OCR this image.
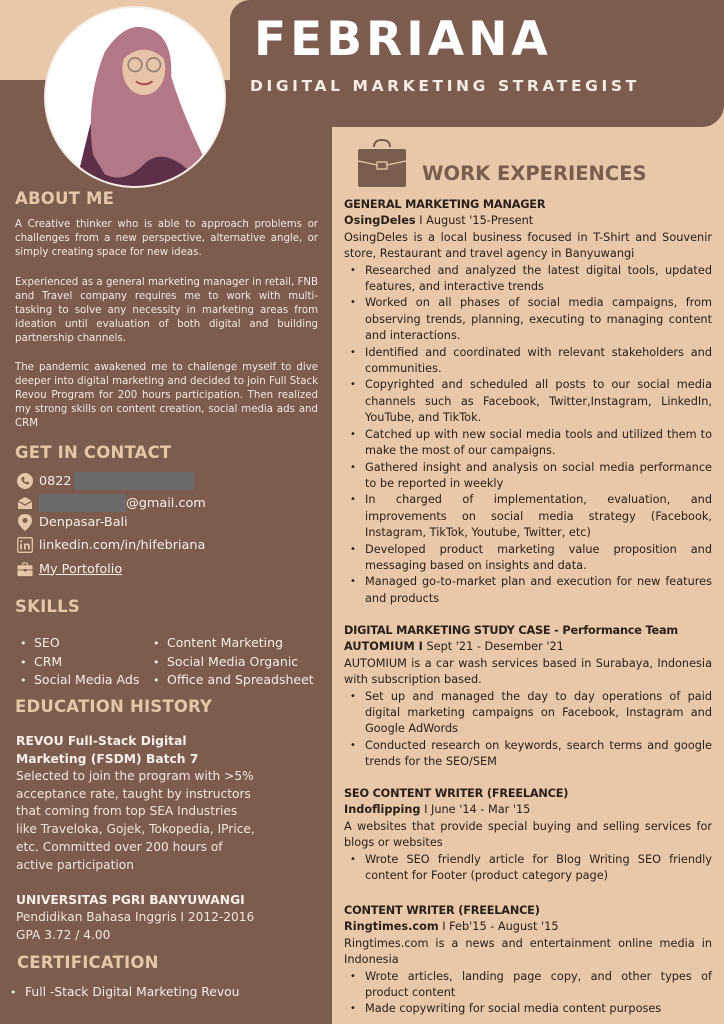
FEBRIANA
DIGITAL MARKETING STRATEGIST
ABOUT ME
A Creative thinker who is able to approach problems or challenges from a new perspective, alternative angle, or simply creating space for new ideas.
Experienced as a general marketing manager in retail, FNB and Travel company requires me to work with multi-tasking to solve any necessity in marketing areas from ideation until evaluation of both digital and building partnership channels.
The pandemic awakened me to challenge myself to dive deeper into digital marketing and decided to join Full Stack Revou Program for 200 hours participation. Then realized my strong skills on content creation, social media ads and CRM
GET IN CONTACT
0822
@gmail.com
Denpasar-Bali
linkedin.com/in/hifebriana
My Portofolio
SKILLS
• SEO	• Content Marketing
• CRM	• Social Media Organic
• Social Media Ads	• Office and Spreadsheet
EDUCATION HISTORY
REVOU Full-Stack Digital Marketing (FSDM) Batch 7
Selected to join the program with >5% acceptance rate, taught by instructors that coming from top SEA Industries like Traveloka, Gojek, Tokopedia, IPrice, etc. Committed over 200 hours of active participation
UNIVERSITAS PGRI BANYUWANGI
Pendidikan Bahasa Inggris I 2012-2016
GPA 3.72 / 4.00
CERTIFICATION
• Full -Stack Digital Marketing Revou
WORK EXPERIENCES
GENERAL MARKETING MANAGER
OsingDeles I August '15-Present
OsingDeles is a local business focused in T-Shirt and Souvenir store, Restaurant and travel agency in Banyuwangi
• Researched and analyzed the latest digital tools, updated features, and interactive trends
• Worked on all phases of social media campaigns, from observing trends, planning, executing to managing content and interactions.
• Identified and coordinated with relevant stakeholders and communities.
• Copyrighted and scheduled all posts to our social media channels such as Facebook, Twitter,Instagram, LinkedIn, YouTube, and TikTok.
• Catched up with new social media tools and utilized them to make the most of our campaigns.
• Gathered insight and analysis on social media performance to be reported in weekly
• In charged of implementation, evaluation, and improvements on social media strategy (Facebook, Instagram, TikTok, Youtube, Twitter, etc)
• Developed product marketing value proposition and messaging based on insights and data.
• Managed go-to-market plan and execution for new features and products
DIGITAL MARKETING STUDY CASE - Performance Team
AUTOMIUM I Sept '21 - Desember '21
AUTOMIUM is a car wash services based in Surabaya, Indonesia with subscription based.
• Set up and managed the day to day operations of paid digital marketing campaigns on Facebook, Instagram and Google AdWords
• Conducted research on keywords, search terms and google trends for the SEO/SEM
SEO CONTENT WRITER (FREELANCE)
Indoflipping I June '14 - Mar '15
A websites that provide special buying and selling services for blogs or websites
• Wrote SEO friendly article for Blog Writing SEO friendly content for Footer (product category page)
CONTENT WRITER (FREELANCE)
Ringtimes.com I Feb'15 - August '15
Ringtimes.com is a news and entertainment online media in Indonesia
• Wrote articles, landing page copy, and other types of product content
• Made copywriting for social media content purposes
